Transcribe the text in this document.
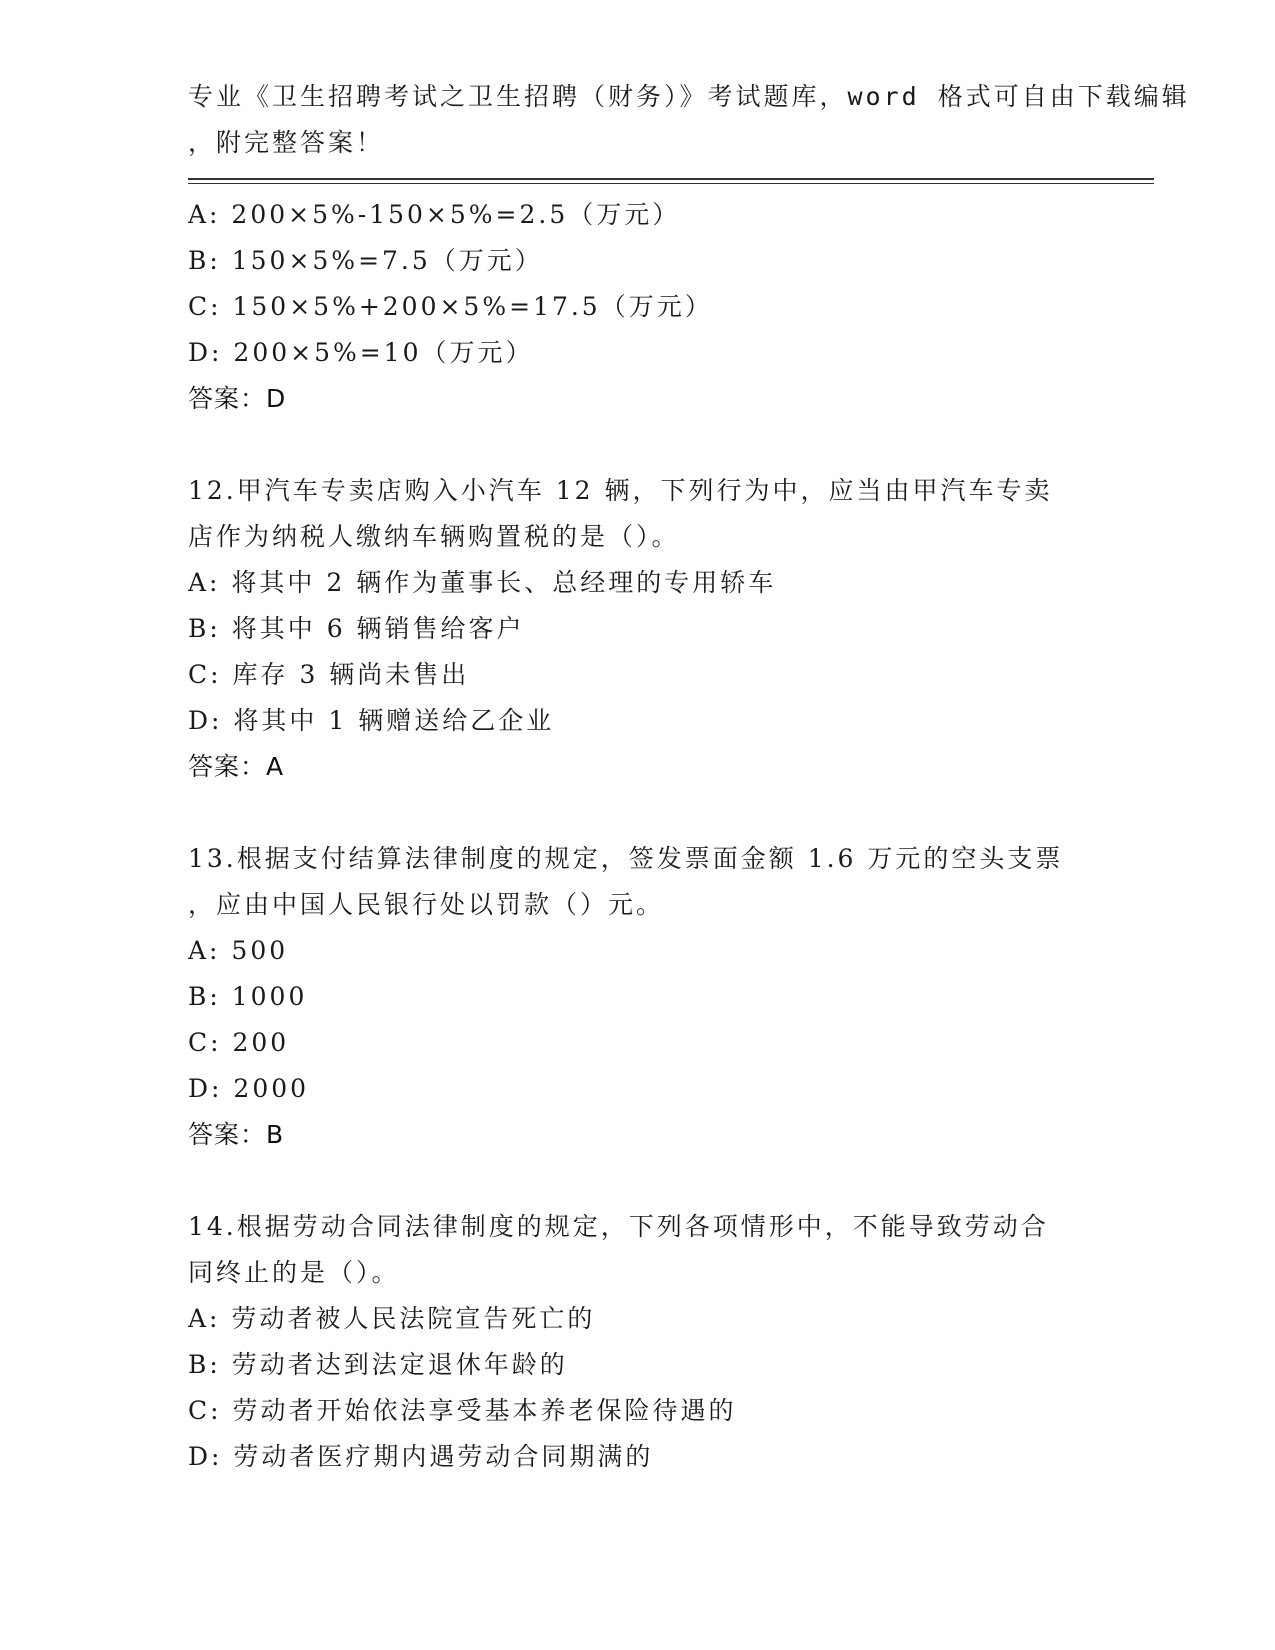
专业《卫生招聘考试之卫生招聘（财务）》考试题库，word 格式可自由下载编辑
，附完整答案！
A: 200×5%-150×5%=2.5（万元）
B: 150×5%=7.5（万元）
C: 150×5%+200×5%=17.5（万元）
D: 200×5%=10（万元）
答案：D
12.甲汽车专卖店购入小汽车 12 辆，下列行为中，应当由甲汽车专卖
店作为纳税人缴纳车辆购置税的是（）。
A: 将其中 2 辆作为董事长、总经理的专用轿车
B: 将其中 6 辆销售给客户
C: 库存 3 辆尚未售出
D: 将其中 1 辆赠送给乙企业
答案：A
13.根据支付结算法律制度的规定，签发票面金额 1.6 万元的空头支票
，应由中国人民银行处以罚款（）元。
A: 500
B: 1000
C: 200
D: 2000
答案：B
14.根据劳动合同法律制度的规定，下列各项情形中，不能导致劳动合
同终止的是（）。
A: 劳动者被人民法院宣告死亡的
B: 劳动者达到法定退休年龄的
C: 劳动者开始依法享受基本养老保险待遇的
D: 劳动者医疗期内遇劳动合同期满的
